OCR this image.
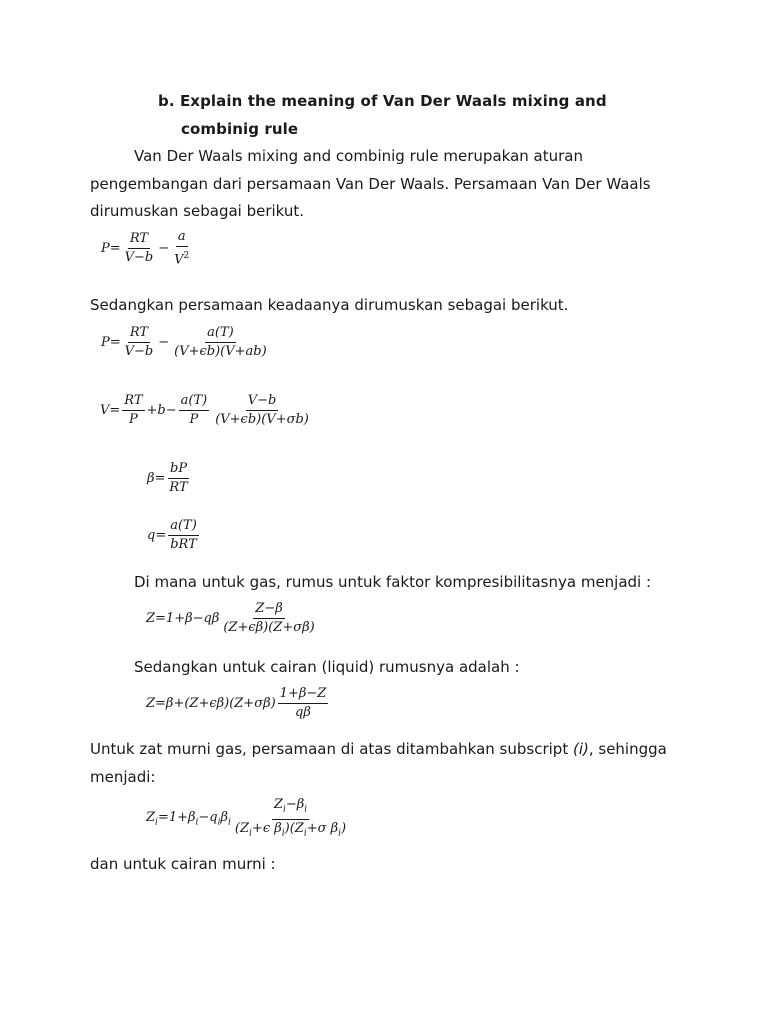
b. Explain the meaning of Van Der Waals mixing and
combinig rule
Van Der Waals mixing and combinig rule merupakan aturan
pengembangan dari persamaan Van Der Waals. Persamaan Van Der Waals
dirumuskan sebagai berikut.
$P= \frac{RT}{V-b} - \frac{a}{V^2}$
Sedangkan persamaan keadaanya dirumuskan sebagai berikut.
$P= \frac{RT}{V-b} - \frac{a(T)}{(V+\epsilon b)(V+ab)}$
$V= \frac{RT}{P} +b- \frac{a(T)}{P} \frac{V-b}{(V+\epsilon b)(V+\sigma b)}$
$\beta= \frac{bP}{RT}$
$q= \frac{a(T)}{\text{bRT}}$
Di mana untuk gas, rumus untuk faktor kompresibilitasnya menjadi :
$Z=1+\beta-q\beta \frac{Z-\beta}{(Z+\epsilon\beta)(Z+\sigma\beta)}$
Sedangkan untuk cairan (liquid) rumusnya adalah :
$Z=\beta+(Z+\epsilon\beta)(Z+\sigma\beta) \frac{1+\beta-Z}{q\beta}$
Untuk zat murni gas, persamaan di atas ditambahkan subscript (i), sehingga
menjadi:
$Z_i=1+\beta_i-q_i\beta_i \frac{Z_i-\beta_i}{(Z_i+\epsilon \beta_i)(Z_i+\sigma \beta_i)}$
dan untuk cairan murni :
